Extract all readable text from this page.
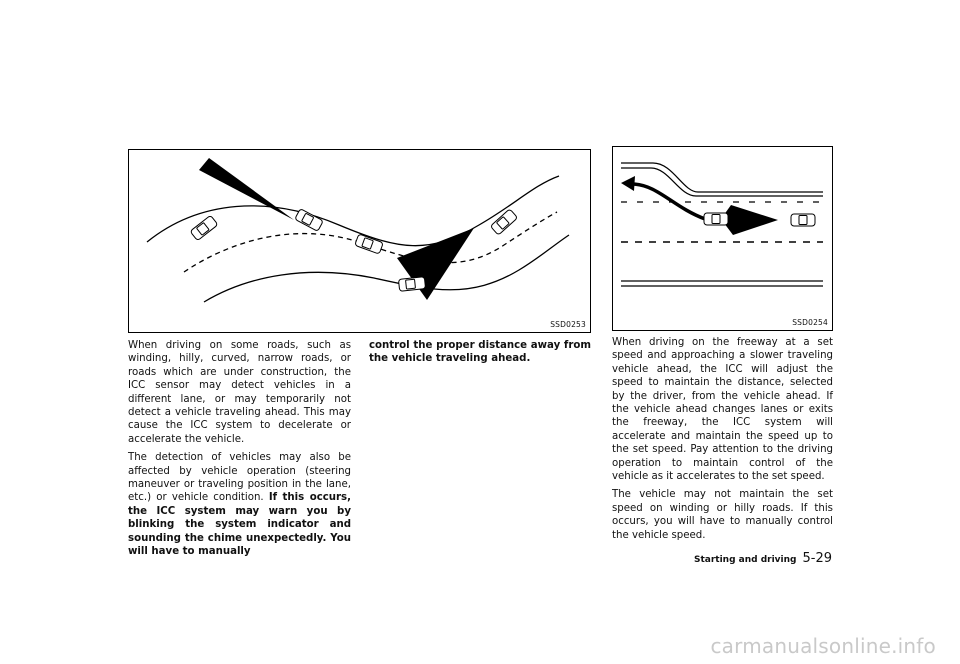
SSD0253	SSD0254

When driving on some roads, such as winding, hilly, curved, narrow roads, or roads which are under construction, the ICC sensor may detect vehicles in a different lane, or may temporarily not detect a vehicle traveling ahead. This may cause the ICC system to decelerate or accelerate the vehicle.

The detection of vehicles may also be affected by vehicle operation (steering maneuver or traveling position in the lane, etc.) or vehicle condition. If this occurs, the ICC system may warn you by blinking the system indicator and sounding the chime unexpectedly. You will have to manually

control the proper distance away from the vehicle traveling ahead.

When driving on the freeway at a set speed and approaching a slower traveling vehicle ahead, the ICC will adjust the speed to maintain the distance, selected by the driver, from the vehicle ahead. If the vehicle ahead changes lanes or exits the freeway, the ICC system will accelerate and maintain the speed up to the set speed. Pay attention to the driving operation to maintain control of the vehicle as it accelerates to the set speed.

The vehicle may not maintain the set speed on winding or hilly roads. If this occurs, you will have to manually control the vehicle speed.

Starting and driving 5-29
carmanualsonline.info
